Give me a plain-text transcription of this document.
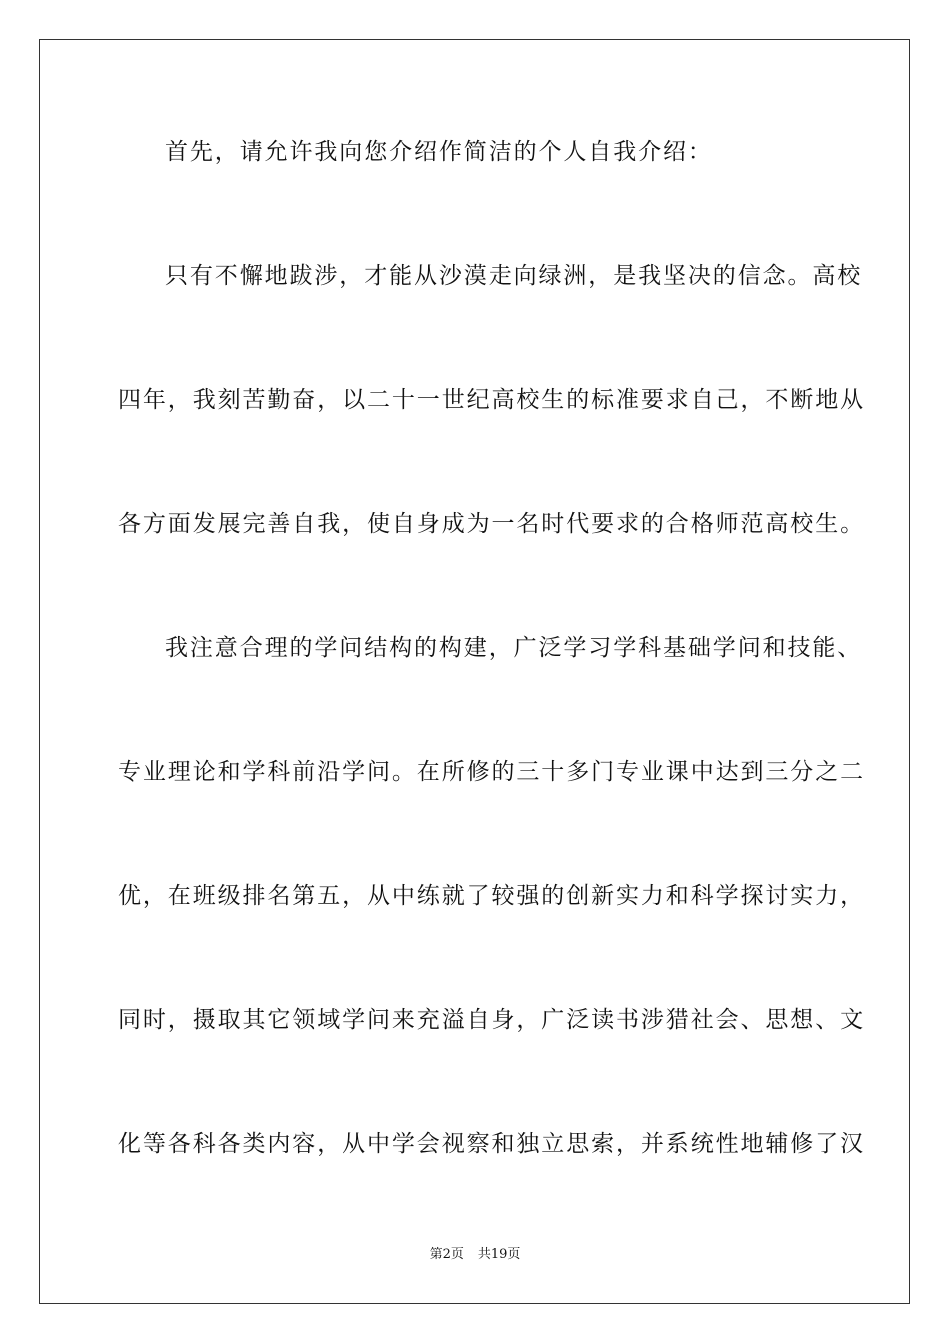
首先，请允许我向您介绍作简洁的个人自我介绍：
只有不懈地跋涉，才能从沙漠走向绿洲，是我坚决的信念。高校
四年，我刻苦勤奋，以二十一世纪高校生的标准要求自己，不断地从
各方面发展完善自我，使自身成为一名时代要求的合格师范高校生。
我注意合理的学问结构的构建，广泛学习学科基础学问和技能、
专业理论和学科前沿学问。在所修的三十多门专业课中达到三分之二
优，在班级排名第五，从中练就了较强的创新实力和科学探讨实力，
同时，摄取其它领域学问来充溢自身，广泛读书涉猎社会、思想、文
化等各科各类内容，从中学会视察和独立思索，并系统性地辅修了汉
第2页 共19页
